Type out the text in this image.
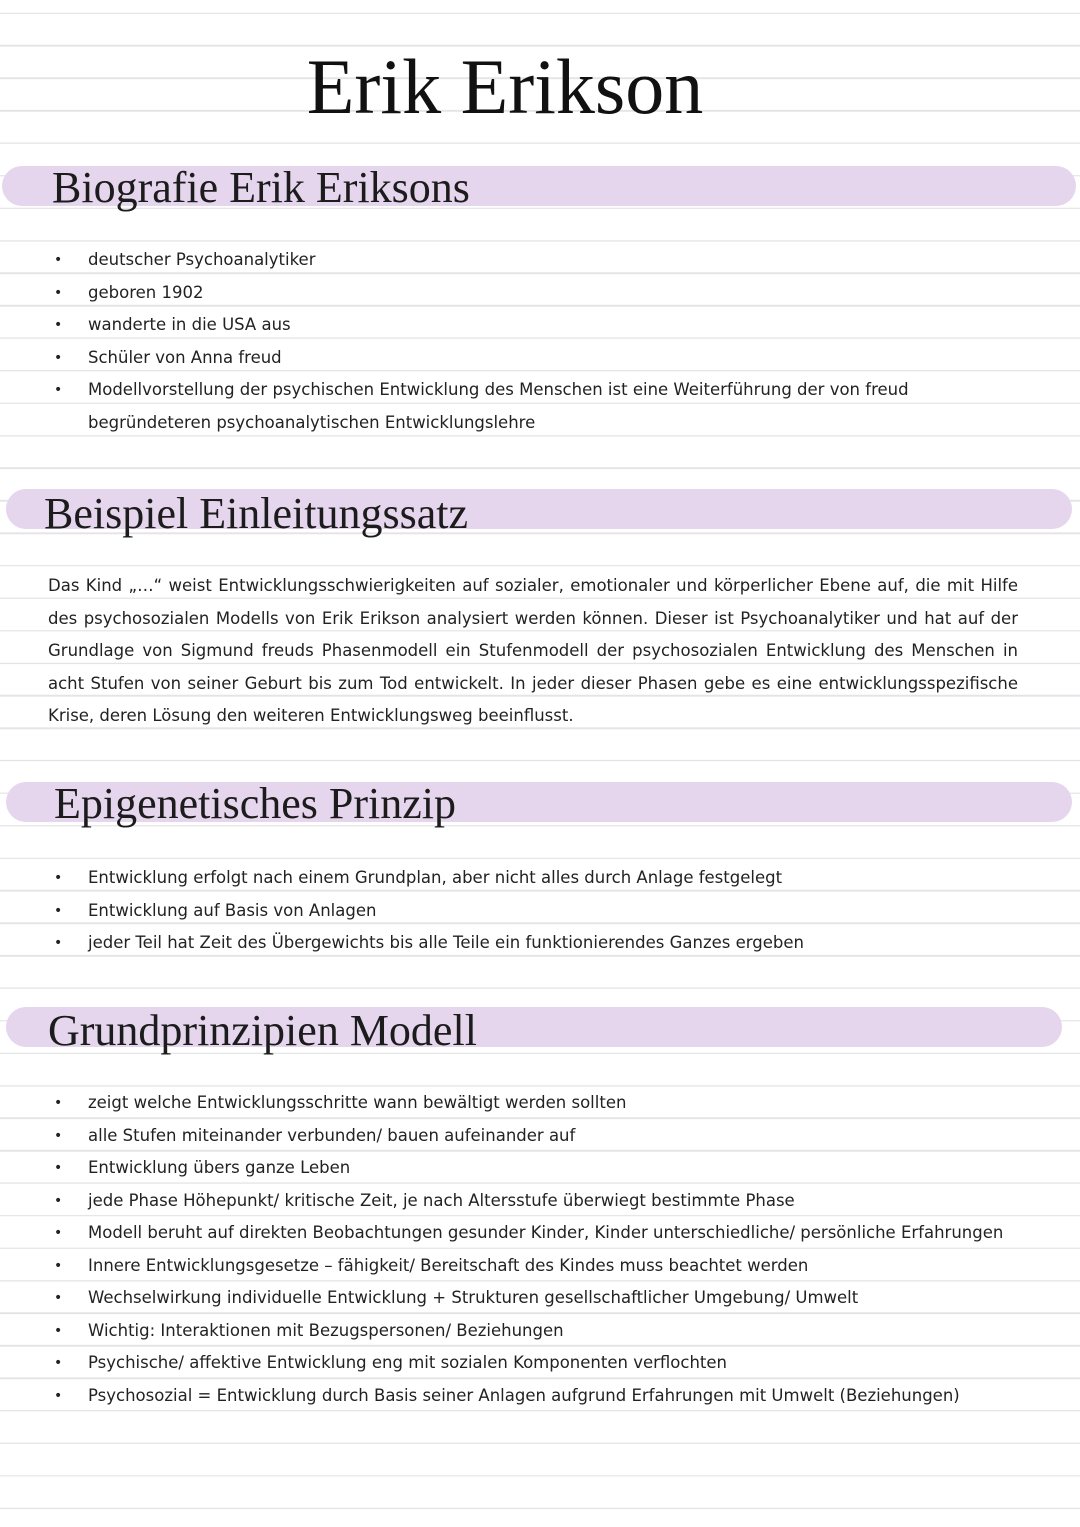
Erik Erikson
Biografie Erik Eriksons
• deutscher Psychoanalytiker
• geboren 1902
• wanderte in die USA aus
• Schüler von Anna freud
• Modellvorstellung der psychischen Entwicklung des Menschen ist eine Weiterführung der von freud begründeteren psychoanalytischen Entwicklungslehre
Beispiel Einleitungssatz

Das Kind „…“ weist Entwicklungsschwierigkeiten auf sozialer, emotionaler und körperlicher Ebene auf, die mit Hilfe des psychosozialen Modells von Erik Erikson analysiert werden können. Dieser ist Psychoanalytiker und hat auf der Grundlage von Sigmund freuds Phasenmodell ein Stufenmodell der psychosozialen Entwicklung des Menschen in acht Stufen von seiner Geburt bis zum Tod entwickelt. In jeder dieser Phasen gebe es eine entwicklungsspezifische Krise, deren Lösung den weiteren Entwicklungsweg beeinflusst.

Epigenetisches Prinzip
• Entwicklung erfolgt nach einem Grundplan, aber nicht alles durch Anlage festgelegt
• Entwicklung auf Basis von Anlagen
• jeder Teil hat Zeit des Übergewichts bis alle Teile ein funktionierendes Ganzes ergeben
Grundprinzipien Modell
• zeigt welche Entwicklungsschritte wann bewältigt werden sollten
• alle Stufen miteinander verbunden/ bauen aufeinander auf
• Entwicklung übers ganze Leben
• jede Phase Höhepunkt/ kritische Zeit, je nach Altersstufe überwiegt bestimmte Phase
• Modell beruht auf direkten Beobachtungen gesunder Kinder, Kinder unterschiedliche/ persönliche Erfahrungen
• Innere Entwicklungsgesetze – fähigkeit/ Bereitschaft des Kindes muss beachtet werden
• Wechselwirkung individuelle Entwicklung + Strukturen gesellschaftlicher Umgebung/ Umwelt
• Wichtig: Interaktionen mit Bezugspersonen/ Beziehungen
• Psychische/ affektive Entwicklung eng mit sozialen Komponenten verflochten
• Psychosozial = Entwicklung durch Basis seiner Anlagen aufgrund Erfahrungen mit Umwelt (Beziehungen)
